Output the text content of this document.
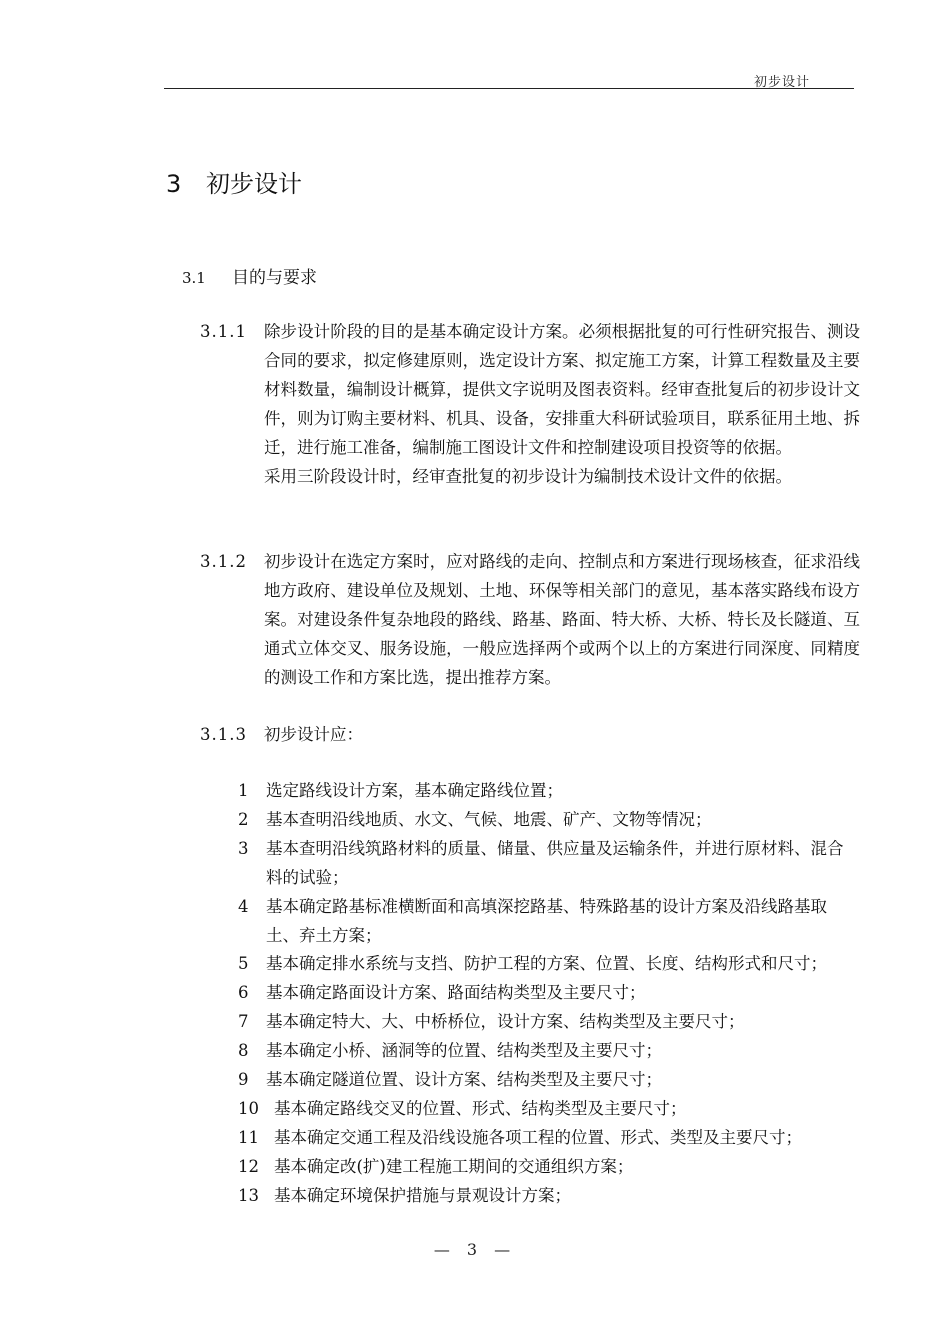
初步设计
3 初步设计
3.1 目的与要求
3.1.1	除步设计阶段的目的是基本确定设计方案。必须根据批复的可行性研究报告、测设合同的要求，拟定修建原则，选定设计方案、拟定施工方案，计算工程数量及主要材料数量，编制设计概算，提供文字说明及图表资料。经审查批复后的初步设计文件，则为订购主要材料、机具、设备，安排重大科研试验项目，联系征用土地、拆迁，进行施工准备，编制施工图设计文件和控制建设项目投资等的依据。

采用三阶段设计时，经审查批复的初步设计为编制技术设计文件的依据。

3.1.2	初步设计在选定方案时，应对路线的走向、控制点和方案进行现场核查，征求沿线地方政府、建设单位及规划、土地、环保等相关部门的意见，基本落实路线布设方案。对建设条件复杂地段的路线、路基、路面、特大桥、大桥、特长及长隧道、互通式立体交叉、服务设施，一般应选择两个或两个以上的方案进行同深度、同精度的测设工作和方案比选，提出推荐方案。

3.1.3	初步设计应：

1 选定路线设计方案，基本确定路线位置；
2 基本查明沿线地质、水文、气候、地震、矿产、文物等情况；
3 基本查明沿线筑路材料的质量、储量、供应量及运输条件，并进行原材料、混合料的试验；
4 基本确定路基标准横断面和高填深挖路基、特殊路基的设计方案及沿线路基取土、弃土方案；
5 基本确定排水系统与支挡、防护工程的方案、位置、长度、结构形式和尺寸；
6 基本确定路面设计方案、路面结构类型及主要尺寸；
7 基本确定特大、大、中桥桥位，设计方案、结构类型及主要尺寸；
8 基本确定小桥、涵洞等的位置、结构类型及主要尺寸；
9 基本确定隧道位置、设计方案、结构类型及主要尺寸；
10 基本确定路线交叉的位置、形式、结构类型及主要尺寸；
11 基本确定交通工程及沿线设施各项工程的位置、形式、类型及主要尺寸；
12 基本确定改(扩)建工程施工期间的交通组织方案；
13 基本确定环境保护措施与景观设计方案；
— 3 —
